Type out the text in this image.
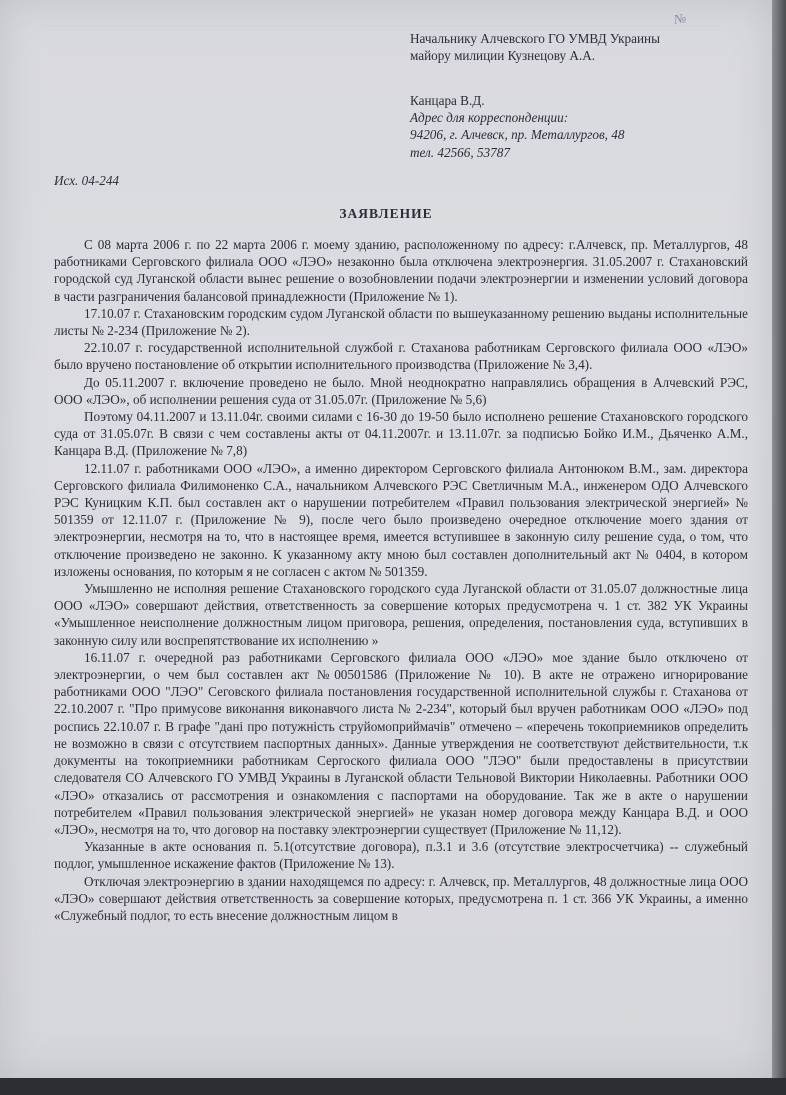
№
Начальнику Алчевского ГО УМВД Украины
майору милиции Кузнецову А.А.
Канцара В.Д.
Адрес для корреспонденции:
94206, г. Алчевск, пр. Металлургов, 48
тел. 42566, 53787
Исх. 04-244
ЗАЯВЛЕНИЕ

С 08 марта 2006 г. по 22 марта 2006 г. моему зданию, расположенному по адресу: г.Алчевск, пр. Металлургов, 48 работниками Серговского филиала ООО «ЛЭО» незаконно была отключена электроэнергия. 31.05.2007 г. Стахановский городской суд Луганской области вынес решение о возобновлении подачи электроэнергии и изменении условий договора в части разграничения балансовой принадлежности (Приложение № 1).

17.10.07 г. Стахановским городским судом Луганской области по вышеуказанному решению выданы исполнительные листы № 2-234 (Приложение № 2).

22.10.07 г. государственной исполнительной службой г. Стаханова работникам Серговского филиала ООО «ЛЭО» было вручено постановление об открытии исполнительного производства (Приложение № 3,4).

До 05.11.2007 г. включение проведено не было. Мной неоднократно направлялись обращения в Алчевский РЭС, ООО «ЛЭО», об исполнении решения суда от 31.05.07г. (Приложение № 5,6)

Поэтому 04.11.2007 и 13.11.04г. своими силами с 16-30 до 19-50 было исполнено решение Стахановского городского суда от 31.05.07г. В связи с чем составлены акты от 04.11.2007г. и 13.11.07г. за подписью Бойко И.М., Дьяченко А.М., Канцара В.Д. (Приложение № 7,8)

12.11.07 г. работниками ООО «ЛЭО», а именно директором Серговского филиала Антонюком В.М., зам. директора Серговского филиала Филимоненко С.А., начальником Алчевского РЭС Светличным М.А., инженером ОДО Алчевского РЭС Куницким К.П. был составлен акт о нарушении потребителем «Правил пользования электрической энергией» № 501359 от 12.11.07 г. (Приложение № 9), после чего было произведено очередное отключение моего здания от электроэнергии, несмотря на то, что в настоящее время, имеется вступившее в законную силу решение суда, о том, что отключение произведено не законно. К указанному акту мною был составлен дополнительный акт № 0404, в котором изложены основания, по которым я не согласен с актом № 501359.

Умышленно не исполняя решение Стахановского городского суда Луганской области от 31.05.07 должностные лица ООО «ЛЭО» совершают действия, ответственность за совершение которых предусмотрена ч. 1 ст. 382 УК Украины «Умышленное неисполнение должностным лицом приговора, решения, определения, постановления суда, вступивших в законную силу или воспрепятствование их исполнению »

16.11.07 г. очередной раз работниками Серговского филиала ООО «ЛЭО» мое здание было отключено от электроэнергии, о чем был составлен акт №00501586 (Приложение № 10). В акте не отражено игнорирование работниками ООО "ЛЭО" Сеговского филиала постановления государственной исполнительной службы г. Стаханова от 22.10.2007 г. "Про примусове виконання виконавчого листа № 2-234", который был вручен работникам ООО «ЛЭО» под роспись 22.10.07 г. В графе "дані про потужність струйомоприймачів" отмечено – «перечень токоприемников определить не возможно в связи с отсутствием паспортных данных». Данные утверждения не соответствуют действительности, т.к документы на токоприемники работникам Сергоского филиала ООО "ЛЭО" были предоставлены в присутствии следователя СО Алчевского ГО УМВД Украины в Луганской области Тельновой Виктории Николаевны. Работники ООО «ЛЭО» отказались от рассмотрения и ознакомления с паспортами на оборудование. Так же в акте о нарушении потребителем «Правил пользования электрической энергией» не указан номер договора между Канцара В.Д. и ООО «ЛЭО», несмотря на то, что договор на поставку электроэнергии существует (Приложение № 11,12).

Указанные в акте основания п. 5.1(отсутствие договора), п.3.1 и 3.6 (отсутствие электросчетчика) -- служебный подлог, умышленное искажение фактов (Приложение № 13).

Отключая электроэнергию в здании находящемся по адресу: г. Алчевск, пр. Металлургов, 48 должностные лица ООО «ЛЭО» совершают действия ответственность за совершение которых, предусмотрена п. 1 ст. 366 УК Украины, а именно «Служебный подлог, то есть внесение должностным лицом в
